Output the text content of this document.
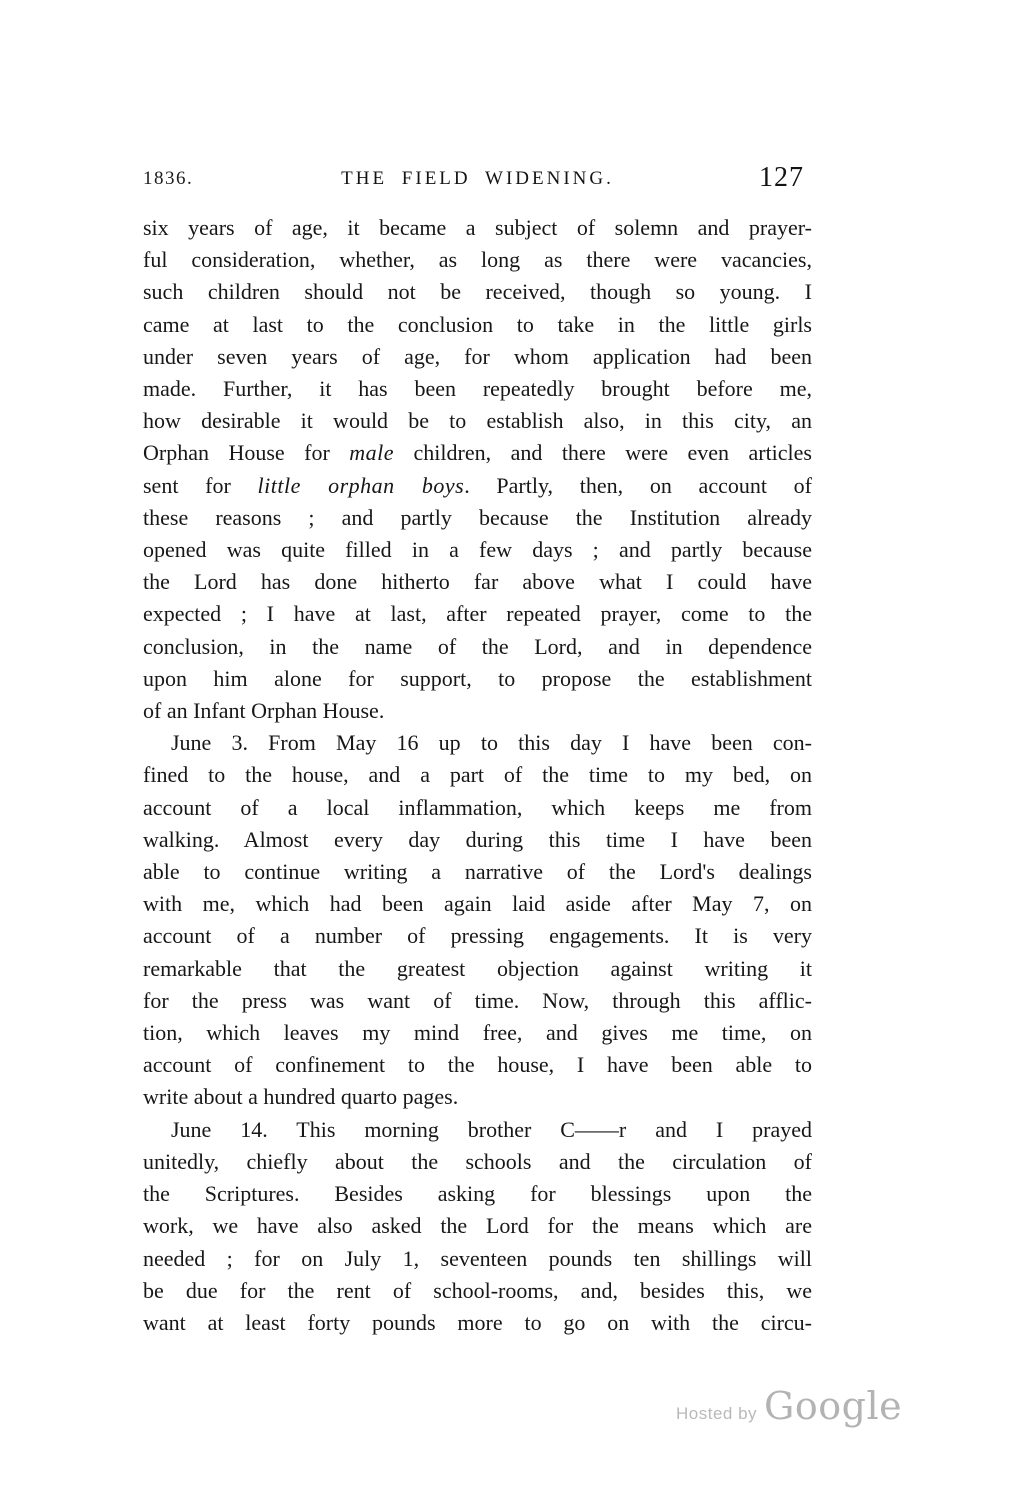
1836.	THE FIELD WIDENING.	127
six years of age, it became a subject of solemn and prayer-
ful consideration, whether, as long as there were vacancies,
such children should not be received, though so young. I
came at last to the conclusion to take in the little girls
under seven years of age, for whom application had been
made. Further, it has been repeatedly brought before me,
how desirable it would be to establish also, in this city, an
Orphan House for male children, and there were even articles
sent for little orphan boys. Partly, then, on account of
these reasons ; and partly because the Institution already
opened was quite filled in a few days ; and partly because
the Lord has done hitherto far above what I could have
expected ; I have at last, after repeated prayer, come to the
conclusion, in the name of the Lord, and in dependence
upon him alone for support, to propose the establishment
of an Infant Orphan House.
June 3. From May 16 up to this day I have been con-
fined to the house, and a part of the time to my bed, on
account of a local inflammation, which keeps me from
walking. Almost every day during this time I have been
able to continue writing a narrative of the Lord's dealings
with me, which had been again laid aside after May 7, on
account of a number of pressing engagements. It is very
remarkable that the greatest objection against writing it
for the press was want of time. Now, through this afflic-
tion, which leaves my mind free, and gives me time, on
account of confinement to the house, I have been able to
write about a hundred quarto pages.
June 14. This morning brother C——r and I prayed
unitedly, chiefly about the schools and the circulation of
the Scriptures. Besides asking for blessings upon the
work, we have also asked the Lord for the means which are
needed ; for on July 1, seventeen pounds ten shillings will
be due for the rent of school-rooms, and, besides this, we
want at least forty pounds more to go on with the circu-
Hosted by Google
